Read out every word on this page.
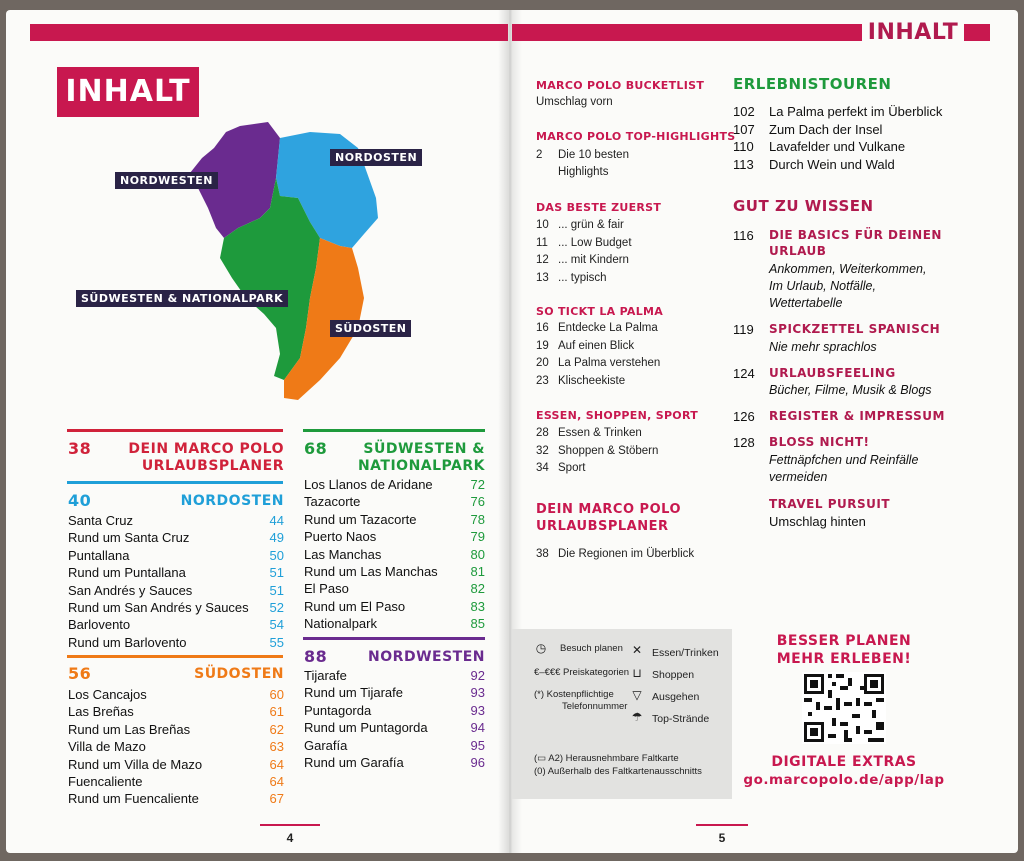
INHALT
NORDWESTEN
NORDOSTEN
SÜDWESTEN & NATIONALPARK
SÜDOSTEN
38	DEIN MARCO POLO
URLAUBSPLANER
40	NORDOSTEN
Santa Cruz	44
Rund um Santa Cruz	49
Puntallana	50
Rund um Puntallana	51
San Andrés y Sauces	51
Rund um San Andrés y Sauces	52
Barlovento	54
Rund um Barlovento	55
56	SÜDOSTEN
Los Cancajos	60
Las Breñas	61
Rund um Las Breñas	62
Villa de Mazo	63
Rund um Villa de Mazo	64
Fuencaliente	64
Rund um Fuencaliente	67
68	SÜDWESTEN &
NATIONALPARK
Los Llanos de Aridane	72
Tazacorte	76
Rund um Tazacorte	78
Puerto Naos	79
Las Manchas	80
Rund um Las Manchas	81
El Paso	82
Rund um El Paso	83
Nationalpark	85
88	NORDWESTEN
Tijarafe	92
Rund um Tijarafe	93
Puntagorda	93
Rund um Puntagorda	94
Garafía	95
Rund um Garafía	96
4
INHALT
MARCO POLO BUCKETLIST
Umschlag vorn
MARCO POLO TOP-HIGHLIGHTS
2 Die 10 besten
Highlights
DAS BESTE ZUERST
10 ... grün & fair
11 ... Low Budget
12 ... mit Kindern
13 ... typisch
SO TICKT LA PALMA
16 Entdecke La Palma
19 Auf einen Blick
20 La Palma verstehen
23 Klischeekiste
ESSEN, SHOPPEN, SPORT
28 Essen & Trinken
32 Shoppen & Stöbern
34 Sport
DEIN MARCO POLO
URLAUBSPLANER
38 Die Regionen im Überblick
ERLEBNISTOUREN
102 La Palma perfekt im Überblick
107 Zum Dach der Insel
110 Lavafelder und Vulkane
113 Durch Wein und Wald
GUT ZU WISSEN
116 DIE BASICS FÜR DEINEN
URLAUB
Ankommen, Weiterkommen,
Im Urlaub, Notfälle,
Wettertabelle
119 SPICKZETTEL SPANISCH
Nie mehr sprachlos
124 URLAUBSFEELING
Bücher, Filme, Musik & Blogs
126 REGISTER & IMPRESSUM
128 BLOSS NICHT!
Fettnäpfchen und Reinfälle
vermeiden
TRAVEL PURSUIT
Umschlag hinten
◷ Besuch planen
€–€€€ Preiskategorien
(*) Kostenpflichtige
Telefonnummer
✕ Essen/Trinken
⊔ Shoppen
▽ Ausgehen
☂ Top-Strände
(▭ A2) Herausnehmbare Faltkarte
(0) Außerhalb des Faltkartenausschnitts
BESSER PLANEN
MEHR ERLEBEN!
DIGITALE EXTRAS
go.marcopolo.de/app/lap
5
